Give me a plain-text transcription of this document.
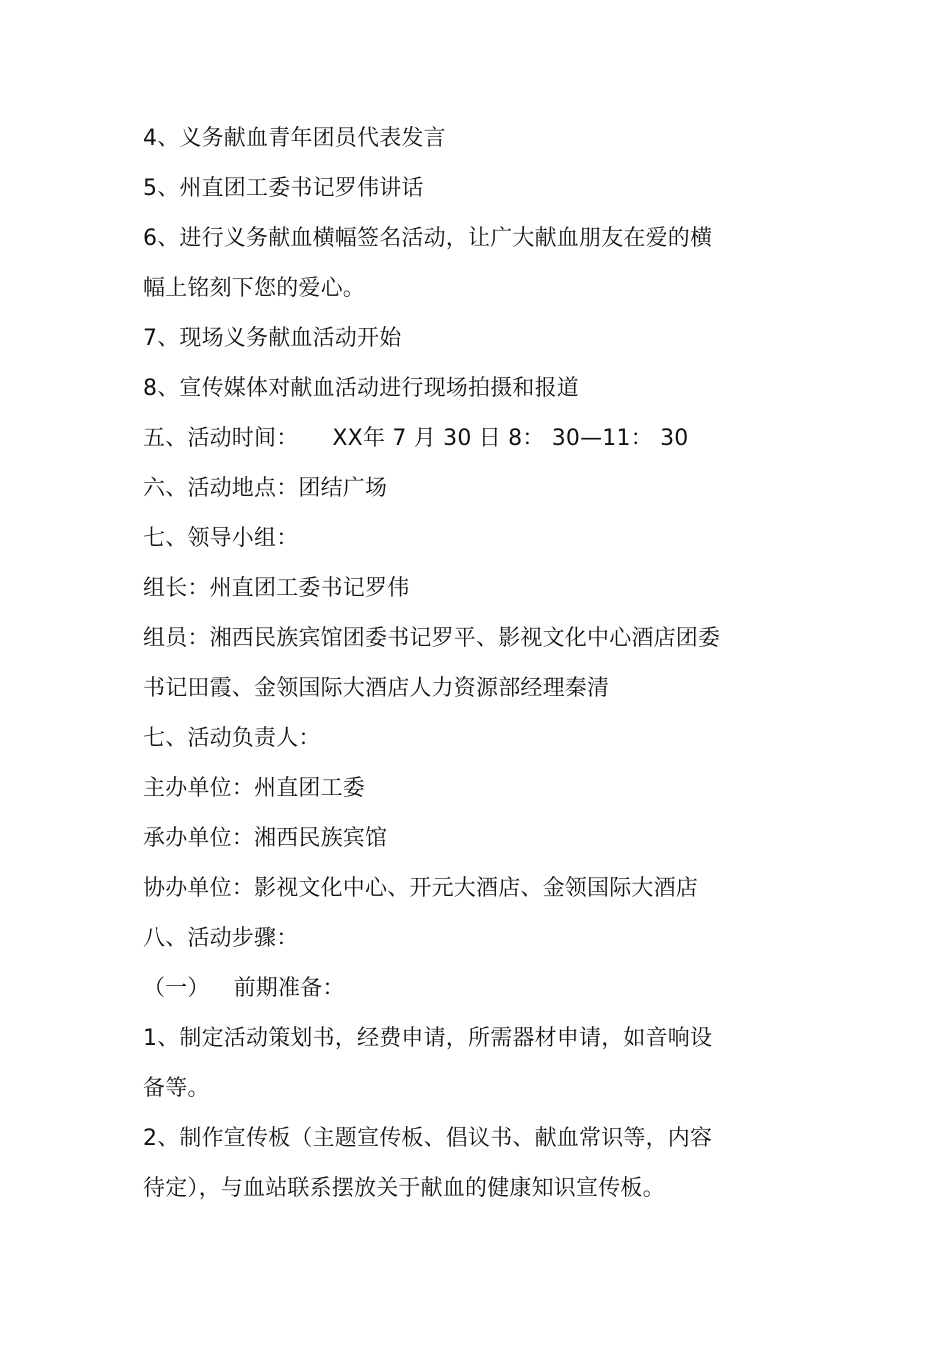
4、义务献血青年团员代表发言
5、州直团工委书记罗伟讲话
6、进行义务献血横幅签名活动，让广大献血朋友在爱的横
幅上铭刻下您的爱心。
7、现场义务献血活动开始
8、宣传媒体对献血活动进行现场拍摄和报道
五、活动时间： XX年 7 月 30 日 8： 30—11： 30
六、活动地点：团结广场
七、领导小组：
组长：州直团工委书记罗伟
组员：湘西民族宾馆团委书记罗平、影视文化中心酒店团委
书记田霞、金领国际大酒店人力资源部经理秦清
七、活动负责人：
主办单位：州直团工委
承办单位：湘西民族宾馆
协办单位：影视文化中心、开元大酒店、金领国际大酒店
八、活动步骤：
（一） 前期准备：
1、制定活动策划书，经费申请，所需器材申请，如音响设
备等。
2、制作宣传板（主题宣传板、倡议书、献血常识等，内容
待定），与血站联系摆放关于献血的健康知识宣传板。
